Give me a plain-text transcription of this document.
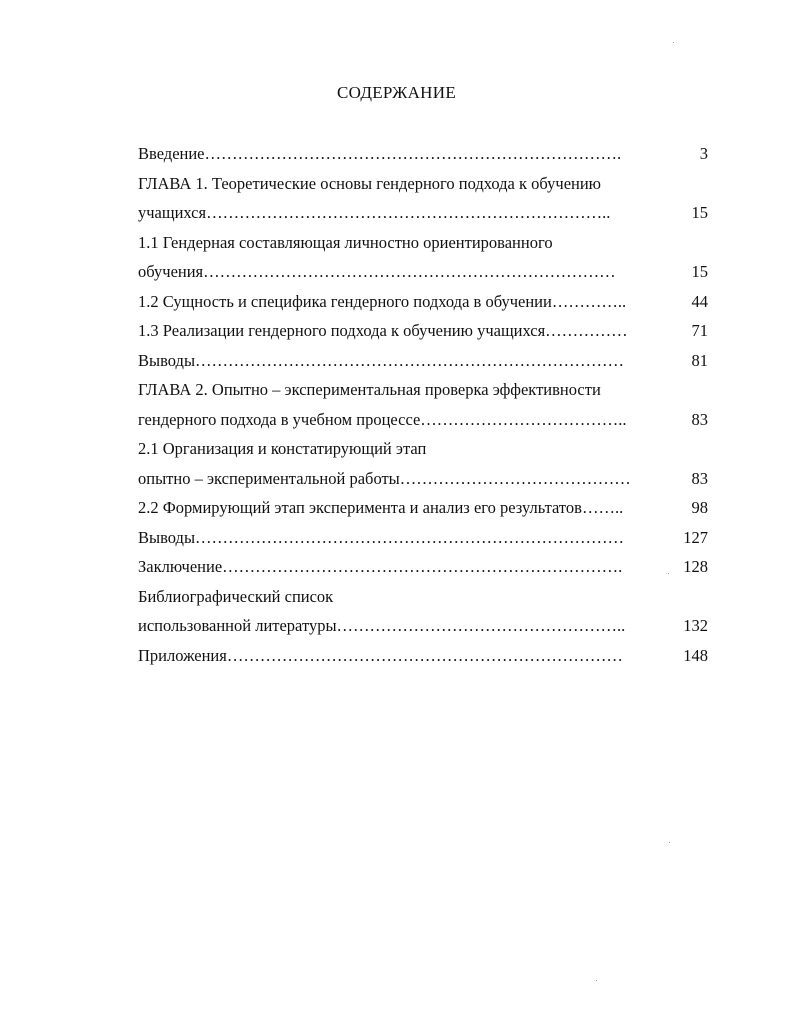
СОДЕРЖАНИЕ
Введение………………………………………………………………….	3
ГЛАВА 1. Теоретические основы гендерного подхода к обучению
учащихся………………………………………………………………..	15
1.1 Гендерная составляющая личностно ориентированного
обучения…………………………………………………………………	15
1.2 Сущность и специфика гендерного подхода в обучении…………..	44
1.3 Реализации гендерного подхода к обучению учащихся……………	71
Выводы……………………………………………………………………	81
ГЛАВА 2. Опытно – экспериментальная проверка эффективности
гендерного подхода в учебном процессе………………………………..	83
2.1 Организация и констатирующий этап
опытно – экспериментальной работы……………………………………	83
2.2 Формирующий этап эксперимента и анализ его результатов……..	98
Выводы……………………………………………………………………	127
Заключение……………………………………………………………….	128
Библиографический список
использованной литературы……………………………………………..	132
Приложения………………………………………………………………	148
